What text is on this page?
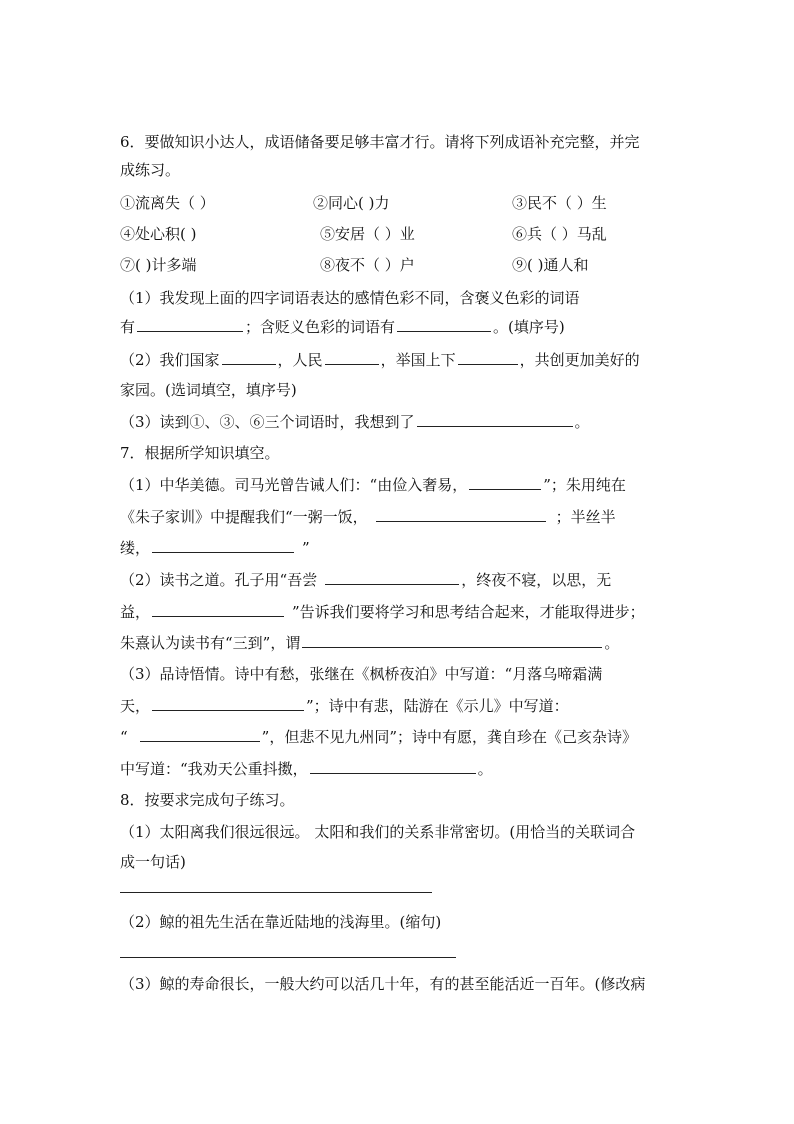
6．要做知识小达人，成语储备要足够丰富才行。请将下列成语补充完整，并完
成练习。
①流离失（ ）	②同心( )力	③民不（ ）生
④处心积( )	⑤安居（ ）业	⑥兵（ ）马乱
⑦( )计多端	⑧夜不（ ）户	⑨( )通人和
（1）我发现上面的四字词语表达的感情色彩不同，含褒义色彩的词语
有	；含贬义色彩的词语有	。(填序号)
（2）我们国家	，人民	，举国上下	，共创更加美好的
家园。(选词填空，填序号)
（3）读到①、③、⑥三个词语时，我想到了	。
7．根据所学知识填空。
（1）中华美德。司马光曾告诫人们：“由俭入奢易，	”；朱用纯在
《朱子家训》中提醒我们“一粥一饭，	；半丝半
缕，	”
（2）读书之道。孔子用“吾尝	，终夜不寝，以思，无
益，	”告诉我们要将学习和思考结合起来，才能取得进步；
朱熹认为读书有“三到”，谓	。
（3）品诗悟情。诗中有愁，张继在《枫桥夜泊》中写道：“月落乌啼霜满
天，	”；诗中有悲，陆游在《示儿》中写道：
“	”，但悲不见九州同”；诗中有愿，龚自珍在《己亥杂诗》
中写道：“我劝天公重抖擞，	。
8．按要求完成句子练习。
（1）太阳离我们很远很远。 太阳和我们的关系非常密切。(用恰当的关联词合
成一句话)
（2）鲸的祖先生活在靠近陆地的浅海里。(缩句)
（3）鲸的寿命很长，一般大约可以活几十年，有的甚至能活近一百年。(修改病
